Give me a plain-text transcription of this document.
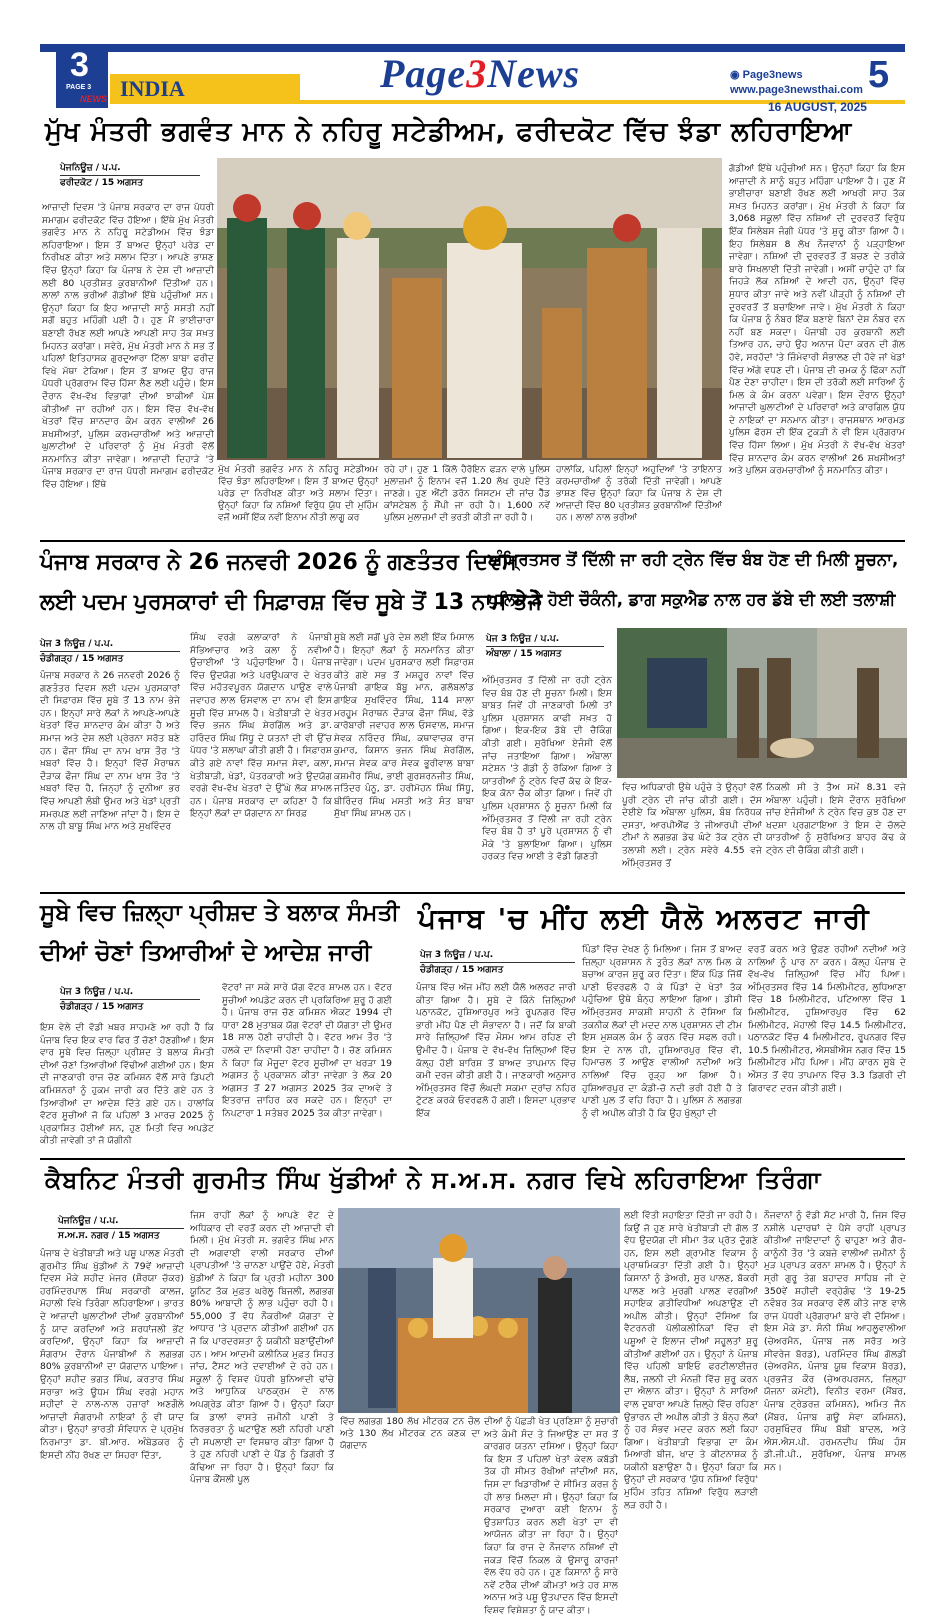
3
PAGE 3
NEWS INDIA	Page3News	◉ Page3news
www.page3newsthai.com 5
16 AUGUST, 2025
ਮੁੱਖ ਮੰਤਰੀ ਭਗਵੰਤ ਮਾਨ ਨੇ ਨਹਿਰੂ ਸਟੇਡੀਅਮ, ਫਰੀਦਕੋਟ ਵਿੱਚ ਝੰਡਾ ਲਹਿਰਾਇਆ
ਪੇਜਨਿਊਜ਼ / ਪ.ਪ.
ਫਰੀਦਕੋਟ / 15 ਅਗਸਤ
ਆਜ਼ਾਦੀ ਦਿਵਸ 'ਤੇ ਪੰਜਾਬ ਸਰਕਾਰ ਦਾ ਰਾਜ ਪੱਧਰੀ ਸਮਾਗਮ ਫਰੀਦਕੋਟ ਵਿੱਚ ਹੋਇਆ। ਇੱਥੇ ਮੁੱਖ ਮੰਤਰੀ ਭਗਵੰਤ ਮਾਨ ਨੇ ਨਹਿਰੂ ਸਟੇਡੀਅਮ ਵਿੱਚ ਝੰਡਾ ਲਹਿਰਾਇਆ। ਇਸ ਤੋਂ ਬਾਅਦ ਉਨ੍ਹਾਂ ਪਰੇਡ ਦਾ ਨਿਰੀਖਣ ਕੀਤਾ ਅਤੇ ਸਲਾਮ ਦਿੱਤਾ। ਆਪਣੇ ਭਾਸ਼ਣ ਵਿੱਚ ਉਨ੍ਹਾਂ ਕਿਹਾ ਕਿ ਪੰਜਾਬ ਨੇ ਦੇਸ਼ ਦੀ ਆਜ਼ਾਦੀ ਲਈ 80 ਪ੍ਰਤੀਸ਼ਤ ਕੁਰਬਾਨੀਆਂ ਦਿੱਤੀਆਂ ਹਨ। ਲਾਲਾਂ ਨਾਲ ਭਰੀਆਂ ਗੱਡੀਆਂ ਇੱਥੇ ਪਹੁੰਚੀਆਂ ਸਨ। ਉਨ੍ਹਾਂ ਕਿਹਾ ਕਿ ਇਹ ਆਜ਼ਾਦੀ ਸਾਨੂੰ ਸਸਤੀ ਨਹੀਂ ਸਗੋਂ ਬਹੁਤ ਮਹਿੰਗੀ ਪਈ ਹੈ। ਹੁਣ ਮੈਂ ਭਾਈਚਾਰਾ ਬਣਾਈ ਰੱਖਣ ਲਈ ਆਪਣੇ ਆਪਣੀ ਸਾਹ ਤੱਕ ਸਖ਼ਤ ਮਿਹਨਤ ਕਰਾਂਗਾ। ਸਵੇਰੇ, ਮੁੱਖ ਮੰਤਰੀ ਮਾਨ ਨੇ ਸਭ ਤੋਂ ਪਹਿਲਾਂ ਇਤਿਹਾਸਕ ਗੁਰਦੁਆਰਾ ਟਿੱਲਾ ਬਾਬਾ ਫਰੀਦ ਵਿਖੇ ਮੱਥਾ ਟੇਕਿਆ। ਇਸ ਤੋਂ ਬਾਅਦ ਉਹ ਰਾਜ ਪੱਧਰੀ ਪ੍ਰੋਗਰਾਮ ਵਿੱਚ ਹਿੱਸਾ ਲੈਣ ਲਈ ਪਹੁੰਚੇ। ਇਸ ਦੌਰਾਨ ਵੱਖ-ਵੱਖ ਵਿਭਾਗਾਂ ਦੀਆਂ ਝਾਕੀਆਂ ਪੇਸ਼ ਕੀਤੀਆਂ ਜਾ ਰਹੀਆਂ ਹਨ। ਇਸ ਵਿੱਚ ਵੱਖ-ਵੱਖ ਖੇਤਰਾਂ ਵਿੱਚ ਸ਼ਾਨਦਾਰ ਕੰਮ ਕਰਨ ਵਾਲੀਆਂ 26 ਸ਼ਖਸੀਅਤਾਂ, ਪੁਲਿਸ ਕਰਮਚਾਰੀਆਂ ਅਤੇ ਆਜ਼ਾਦੀ ਘੁਲਾਟੀਆਂ ਦੇ ਪਰਿਵਾਰਾਂ ਨੂੰ ਮੁੱਖ ਮੰਤਰੀ ਵੱਲੋਂ ਸਨਮਾਨਿਤ ਕੀਤਾ ਜਾਵੇਗਾ। ਆਜ਼ਾਦੀ ਦਿਹਾੜੇ 'ਤੇ ਪੰਜਾਬ ਸਰਕਾਰ ਦਾ ਰਾਜ ਪੱਧਰੀ ਸਮਾਗਮ ਫਰੀਦਕੋਟ ਵਿੱਚ ਹੋਇਆ। ਇੱਥੇ
ਮੁੱਖ ਮੰਤਰੀ ਭਗਵੰਤ ਮਾਨ ਨੇ ਨਹਿਰੂ ਸਟੇਡੀਅਮ ਵਿੱਚ ਝੰਡਾ ਲਹਿਰਾਇਆ। ਇਸ ਤੋਂ ਬਾਅਦ ਉਨ੍ਹਾਂ ਪਰੇਡ ਦਾ ਨਿਰੀਖਣ ਕੀਤਾ ਅਤੇ ਸਲਾਮ ਦਿੱਤਾ। ਉਨ੍ਹਾਂ ਕਿਹਾ ਕਿ ਨਸ਼ਿਆਂ ਵਿਰੁੱਧ ਯੁੱਧ ਦੀ ਮੁਹਿੰਮ ਵਜੋਂ ਅਸੀਂ ਇੱਕ ਨਵੀਂ ਇਨਾਮ ਨੀਤੀ ਲਾਗੂ ਕਰ
ਰਹੇ ਹਾਂ। ਹੁਣ 1 ਕਿੱਲੋ ਹੈਰੋਇਨ ਫੜਨ ਵਾਲੇ ਪੁਲਿਸ ਮੁਲਾਜ਼ਮਾਂ ਨੂੰ ਇਨਾਮ ਵਜੋਂ 1.20 ਲੱਖ ਰੁਪਏ ਦਿੱਤੇ ਜਾਣਗੇ। ਹੁਣ ਐਂਟੀ ਡਰੋਨ ਸਿਸਟਮ ਦੀ ਜਾਂਚ ਹੈੱਡ ਕਾਂਸਟੇਬਲ ਨੂੰ ਸੌਂਪੀ ਜਾ ਰਹੀ ਹੈ। 1,600 ਨਵੇਂ ਪੁਲਿਸ ਮੁਲਾਜ਼ਮਾਂ ਦੀ ਭਰਤੀ ਕੀਤੀ ਜਾ ਰਹੀ ਹੈ।
ਹਾਲਾਂਕਿ, ਪਹਿਲਾਂ ਇਨ੍ਹਾਂ ਅਹੁਦਿਆਂ 'ਤੇ ਤਾਇਨਾਤ ਕਰਮਚਾਰੀਆਂ ਨੂੰ ਤਰੱਕੀ ਦਿੱਤੀ ਜਾਵੇਗੀ। ਆਪਣੇ ਭਾਸ਼ਣ ਵਿੱਚ ਉਨ੍ਹਾਂ ਕਿਹਾ ਕਿ ਪੰਜਾਬ ਨੇ ਦੇਸ਼ ਦੀ ਆਜ਼ਾਦੀ ਵਿੱਚ 80 ਪ੍ਰਤੀਸ਼ਤ ਕੁਰਬਾਨੀਆਂ ਦਿੱਤੀਆਂ ਹਨ। ਲਾਲਾਂ ਨਾਲ ਭਰੀਆਂ
ਗੱਡੀਆਂ ਇੱਥੇ ਪਹੁੰਚੀਆਂ ਸਨ। ਉਨ੍ਹਾਂ ਕਿਹਾ ਕਿ ਇਸ ਆਜ਼ਾਦੀ ਨੇ ਸਾਨੂੰ ਬਹੁਤ ਮਹਿੰਗਾ ਪਾਇਆ ਹੈ। ਹੁਣ ਮੈਂ ਭਾਈਚਾਰਾ ਬਣਾਈ ਰੱਖਣ ਲਈ ਆਖਰੀ ਸਾਹ ਤੱਕ ਸਖ਼ਤ ਮਿਹਨਤ ਕਰਾਂਗਾ। ਮੁੱਖ ਮੰਤਰੀ ਨੇ ਕਿਹਾ ਕਿ 3,068 ਸਕੂਲਾਂ ਵਿੱਚ ਨਸ਼ਿਆਂ ਦੀ ਦੁਰਵਰਤੋਂ ਵਿਰੁੱਧ ਇੱਕ ਸਿਲੇਬਸ ਜੰਗੀ ਪੱਧਰ 'ਤੇ ਸ਼ੁਰੂ ਕੀਤਾ ਗਿਆ ਹੈ। ਇਹ ਸਿਲੇਬਸ 8 ਲੱਖ ਨੌਜਵਾਨਾਂ ਨੂੰ ਪੜ੍ਹਾਇਆ ਜਾਵੇਗਾ। ਨਸ਼ਿਆਂ ਦੀ ਦੁਰਵਰਤੋਂ ਤੋਂ ਬਚਣ ਦੇ ਤਰੀਕੇ ਬਾਰੇ ਸਿਖਲਾਈ ਦਿੱਤੀ ਜਾਵੇਗੀ। ਅਸੀਂ ਚਾਹੁੰਦੇ ਹਾਂ ਕਿ ਜਿਹੜੇ ਲੋਕ ਨਸ਼ਿਆਂ ਦੇ ਆਦੀ ਹਨ, ਉਨ੍ਹਾਂ ਵਿੱਚ ਸੁਧਾਰ ਕੀਤਾ ਜਾਵੇ ਅਤੇ ਨਵੀਂ ਪੀੜ੍ਹੀ ਨੂੰ ਨਸ਼ਿਆਂ ਦੀ ਦੁਰਵਰਤੋਂ ਤੋਂ ਬਚਾਇਆ ਜਾਵੇ। ਮੁੱਖ ਮੰਤਰੀ ਨੇ ਕਿਹਾ ਕਿ ਪੰਜਾਬ ਨੂੰ ਨੰਬਰ ਇੱਕ ਬਣਾਏ ਬਿਨਾਂ ਦੇਸ਼ ਨੰਬਰ ਵਨ ਨਹੀਂ ਬਣ ਸਕਦਾ। ਪੰਜਾਬੀ ਹਰ ਕੁਰਬਾਨੀ ਲਈ ਤਿਆਰ ਹਨ, ਚਾਹੇ ਉਹ ਅਨਾਜ ਪੈਦਾ ਕਰਨ ਦੀ ਗੱਲ ਹੋਵੇ, ਸਰਹੱਦਾਂ 'ਤੇ ਜ਼ਿੰਮੇਵਾਰੀ ਸੰਭਾਲਣ ਦੀ ਹੋਵੇ ਜਾਂ ਖੇਡਾਂ ਵਿੱਚ ਅੱਗੇ ਵਧਣ ਦੀ। ਪੰਜਾਬ ਦੀ ਚਮਕ ਨੂੰ ਫਿੱਕਾ ਨਹੀਂ ਪੈਣ ਦੇਣਾ ਚਾਹੀਦਾ। ਇਸ ਦੀ ਤਰੱਕੀ ਲਈ ਸਾਰਿਆਂ ਨੂੰ ਮਿਲ ਕੇ ਕੰਮ ਕਰਨਾ ਪਵੇਗਾ। ਇਸ ਦੌਰਾਨ ਉਨ੍ਹਾਂ ਆਜ਼ਾਦੀ ਘੁਲਾਟੀਆਂ ਦੇ ਪਰਿਵਾਰਾਂ ਅਤੇ ਕਾਰਗਿਲ ਯੁੱਧ ਦੇ ਨਾਇਕਾਂ ਦਾ ਸਨਮਾਨ ਕੀਤਾ। ਰਾਜਸਥਾਨ ਆਰਮਡ ਪੁਲਿਸ ਫੋਰਸ ਦੀ ਇੱਕ ਟੁਕੜੀ ਨੇ ਵੀ ਇਸ ਪ੍ਰੋਗਰਾਮ ਵਿੱਚ ਹਿੱਸਾ ਲਿਆ। ਮੁੱਖ ਮੰਤਰੀ ਨੇ ਵੱਖ-ਵੱਖ ਖੇਤਰਾਂ ਵਿੱਚ ਸ਼ਾਨਦਾਰ ਕੰਮ ਕਰਨ ਵਾਲੀਆਂ 26 ਸ਼ਖਸੀਅਤਾਂ ਅਤੇ ਪੁਲਿਸ ਕਰਮਚਾਰੀਆਂ ਨੂੰ ਸਨਮਾਨਿਤ ਕੀਤਾ।
ਪੰਜਾਬ ਸਰਕਾਰ ਨੇ 26 ਜਨਵਰੀ 2026 ਨੂੰ ਗਣਤੰਤਰ ਦਿਵਸ
ਲਈ ਪਦਮ ਪੁਰਸਕਾਰਾਂ ਦੀ ਸਿਫ਼ਾਰਸ਼ ਵਿੱਚ ਸੂਬੇ ਤੋਂ 13 ਨਾਮ ਭੇਜੇ
ਪੇਜ 3 ਨਿਊਜ਼ / ਪ.ਪ.
ਚੰਡੀਗੜ੍ਹ / 15 ਅਗਸਤ
ਪੰਜਾਬ ਸਰਕਾਰ ਨੇ 26 ਜਨਵਰੀ 2026 ਨੂੰ ਗਣਤੰਤਰ ਦਿਵਸ ਲਈ ਪਦਮ ਪੁਰਸਕਾਰਾਂ ਦੀ ਸਿਫ਼ਾਰਸ਼ ਵਿੱਚ ਸੂਬੇ ਤੋਂ 13 ਨਾਮ ਭੇਜੇ ਹਨ। ਇਨ੍ਹਾਂ ਸਾਰੇ ਲੋਕਾਂ ਨੇ ਆਪਣੇ-ਆਪਣੇ ਖੇਤਰਾਂ ਵਿੱਚ ਸ਼ਾਨਦਾਰ ਕੰਮ ਕੀਤਾ ਹੈ ਅਤੇ ਸਮਾਜ ਅਤੇ ਦੇਸ਼ ਲਈ ਪ੍ਰੇਰਨਾ ਸਰੋਤ ਬਣੇ ਹਨ। ਫੌਜਾ ਸਿੰਘ ਦਾ ਨਾਮ ਖਾਸ ਤੌਰ 'ਤੇ ਖ਼ਬਰਾਂ ਵਿੱਚ ਹੈ। ਇਨ੍ਹਾਂ ਵਿੱਚੋਂ ਮੈਰਾਥਨ ਦੌੜਾਕ ਫੌਜਾ ਸਿੰਘ ਦਾ ਨਾਮ ਖਾਸ ਤੌਰ 'ਤੇ ਖ਼ਬਰਾਂ ਵਿੱਚ ਹੈ, ਜਿਨ੍ਹਾਂ ਨੂੰ ਦੁਨੀਆ ਭਰ ਵਿੱਚ ਆਪਣੀ ਲੰਬੀ ਉਮਰ ਅਤੇ ਖੇਡਾਂ ਪ੍ਰਤੀ ਸਮਰਪਣ ਲਈ ਜਾਣਿਆ ਜਾਂਦਾ ਹੈ। ਇਸ ਦੇ ਨਾਲ ਹੀ ਬਾਬੂ ਸਿੰਘ ਮਾਨ ਅਤੇ ਸੁਖਵਿੰਦਰ
ਸਿੰਘ ਵਰਗੇ ਕਲਾਕਾਰਾਂ ਨੇ ਪੰਜਾਬੀ ਸੱਭਿਆਚਾਰ ਅਤੇ ਕਲਾ ਨੂੰ ਨਵੀਆਂ ਉਚਾਈਆਂ 'ਤੇ ਪਹੁੰਚਾਇਆ ਹੈ। ਪੰਜਾਬ ਵਿੱਚ ਉਦਯੋਗ ਅਤੇ ਪਰਉਪਕਾਰ ਦੇ ਖੇਤਰ ਵਿੱਚ ਮਹੱਤਵਪੂਰਨ ਯੋਗਦਾਨ ਪਾਉਣ ਵਾਲੇ ਜਵਾਹਰ ਲਾਲ ਓਸਵਾਲ ਦਾ ਨਾਮ ਵੀ ਇਸ ਸੂਚੀ ਵਿੱਚ ਸ਼ਾਮਲ ਹੈ। ਖੇਤੀਬਾੜੀ ਦੇ ਖੇਤਰ ਵਿੱਚ ਭਜਨ ਸਿੰਘ ਸ਼ੇਰਗਿੱਲ ਅਤੇ ਡਾ. ਹਰਿੰਦਰ ਸਿੰਘ ਸਿੱਧੂ ਦੇ ਯਤਨਾਂ ਦੀ ਵੀ ਉੱਚ ਪੱਧਰ 'ਤੇ ਸ਼ਲਾਘਾ ਕੀਤੀ ਗਈ ਹੈ। ਸਿਫ਼ਾਰਸ਼ ਕੀਤੇ ਗਏ ਨਾਵਾਂ ਵਿੱਚ ਸਮਾਜ ਸੇਵਾ, ਕਲਾ, ਖੇਤੀਬਾੜੀ, ਖੇਡਾਂ, ਪੱਤਰਕਾਰੀ ਅਤੇ ਉਦਯੋਗ ਵਰਗੇ ਵੱਖ-ਵੱਖ ਖੇਤਰਾਂ ਦੇ ਉੱਘੇ ਲੋਕ ਸ਼ਾਮਲ ਹਨ। ਪੰਜਾਬ ਸਰਕਾਰ ਦਾ ਕਹਿਣਾ ਹੈ ਕਿ ਇਨ੍ਹਾਂ ਲੋਕਾਂ ਦਾ ਯੋਗਦਾਨ ਨਾ ਸਿਰਫ਼
ਸੂਬੇ ਲਈ ਸਗੋਂ ਪੂਰੇ ਦੇਸ਼ ਲਈ ਇੱਕ ਮਿਸਾਲ ਹੈ। ਇਨ੍ਹਾਂ ਲੋਕਾਂ ਨੂੰ ਸਨਮਾਨਿਤ ਕੀਤਾ ਜਾਵੇਗਾ। ਪਦਮ ਪੁਰਸਕਾਰ ਲਈ ਸਿਫ਼ਾਰਸ਼ ਕੀਤੇ ਗਏ ਸਭ ਤੋਂ ਮਸ਼ਹੂਰ ਨਾਵਾਂ ਵਿੱਚ ਪੰਜਾਬੀ ਗਾਇਕ ਬੱਬੂ ਮਾਨ, ਗਲੋਬਲਾਂਡ ਗਾਇਕ ਸੁਖਵਿੰਦਰ ਸਿੰਘ, 114 ਸਾਲਾ ਮਰਹੂਮ ਮੈਰਾਥਨ ਦੌੜਾਕ ਫੌਜਾ ਸਿੰਘ, ਵੱਡੇ ਕਾਰੋਬਾਰੀ ਜਵਾਹਰ ਲਾਲ ਓਸਵਾਲ, ਸਮਾਜ ਸੇਵਕ ਨਰਿੰਦਰ ਸਿੰਘ, ਕਥਾਵਾਚਕ ਰਾਜ ਕੁਮਾਰ, ਕਿਸਾਨ ਭਜਨ ਸਿੰਘ ਸ਼ੇਰਗਿੱਲ, ਸਮਾਜ ਸੇਵਕ ਕਾਰ ਸੇਵਕ ਭੂਰੀਵਾਲ ਬਾਬਾ ਕਸ਼ਮੀਰ ਸਿੰਘ, ਭਾਈ ਗੁਰਸ਼ਰਨਜੀਤ ਸਿੰਘ, ਜਤਿੰਦਰ ਪੰਨੂ, ਡਾ. ਹਰੀਮੋਹਨ ਸਿੰਘ ਸਿੱਧੂ, ਬੀਰਿੰਦਰ ਸਿੰਘ ਮਸਤੀ ਅਤੇ ਸੰਤ ਬਾਬਾ ਸੁੱਖਾ ਸਿੰਘ ਸ਼ਾਮਲ ਹਨ।
ਅੰਮ੍ਰਿਤਸਰ ਤੋਂ ਦਿੱਲੀ ਜਾ ਰਹੀ ਟ੍ਰੇਨ ਵਿੱਚ ਬੰਬ ਹੋਣ ਦੀ ਮਿਲੀ ਸੂਚਨਾ,
ਪੁਲਿਸ ਨੇ ਹੋਈ ਚੌਕੰਨੀ, ਡਾਗ ਸਕੁਐਡ ਨਾਲ ਹਰ ਡੱਬੇ ਦੀ ਲਈ ਤਲਾਸ਼ੀ
ਪੇਜ 3 ਨਿਊਜ਼ / ਪ.ਪ.
ਅੰਬਾਲਾ / 15 ਅਗਸਤ
ਅੰਮ੍ਰਿਤਸਰ ਤੋਂ ਦਿੱਲੀ ਜਾ ਰਹੀ ਟ੍ਰੇਨ ਵਿਚ ਬੰਬ ਹੋਣ ਦੀ ਸੂਚਨਾ ਮਿਲੀ। ਇਸ ਬਾਬਤ ਜਿਵੇਂ ਹੀ ਜਾਣਕਾਰੀ ਮਿਲੀ ਤਾਂ ਪੁਲਿਸ ਪ੍ਰਸ਼ਾਸਨ ਕਾਫੀ ਸਖ਼ਤ ਹੋ ਗਿਆ। ਇਕ-ਇਕ ਡੱਬੇ ਦੀ ਚੈਕਿੰਗ ਕੀਤੀ ਗਈ। ਸੁਰੱਖਿਆ ਏਜੰਸੀ ਵੱਲੋਂ ਜਾਂਚ ਜਤਾਇਆ ਗਿਆ। ਅੰਬਾਲਾ ਸਟੇਸ਼ਨ 'ਤੇ ਗੱਡੀ ਨੂੰ ਰੋਕਿਆ ਗਿਆ ਤੇ ਯਾਤਰੀਆਂ ਨੂੰ ਟ੍ਰੇਨ ਵਿਚੋਂ ਕੱਢ ਕੇ ਇਕ-ਇਕ ਕੋਨਾ ਚੈੱਕ ਕੀਤਾ ਗਿਆ। ਜਿਵੇਂ ਹੀ ਪੁਲਿਸ ਪ੍ਰਸ਼ਾਸਨ ਨੂੰ ਸੂਚਨਾ ਮਿਲੀ ਕਿ ਅੰਮ੍ਰਿਤਸਰ ਤੋਂ ਦਿੱਲੀ ਜਾ ਰਹੀ ਟ੍ਰੇਨ ਵਿਚ ਬੰਬ ਹੈ ਤਾਂ ਪੂਰੇ ਪ੍ਰਸ਼ਾਸਨ ਨੂੰ ਵੀ ਮੌਕੇ 'ਤੇ ਬੁਲਾਇਆ ਗਿਆ। ਪੁਲਿਸ ਹਰਕਤ ਵਿਚ ਆਈ ਤੇ ਵੱਡੀ ਗਿਣਤੀ
ਵਿਚ ਅਧਿਕਾਰੀ ਉਥੇ ਪਹੁੰਚੇ ਤੇ ਉਨ੍ਹਾਂ ਵੱਲੋਂ ਪੂਰੀ ਟ੍ਰੇਨ ਦੀ ਜਾਂਚ ਕੀਤੀ ਗਈ। ਦੱਸ ਦੇਈਏ ਕਿ ਅੰਬਾਲਾ ਪੁਲਿਸ, ਬੰਬ ਨਿਰੋਧਕ ਦਸਤਾ, ਆਰਪੀਐੱਫ ਤੇ ਜੀਆਰਪੀ ਦੀਆਂ ਟੀਮਾਂ ਨੇ ਲਗਭਗ ਡੇਢ ਘੰਟੇ ਤੱਕ ਟ੍ਰੇਨ ਦੀ ਤਲਾਸ਼ੀ ਲਈ। ਟ੍ਰੇਨ ਸਵੇਰੇ 4.55 ਵਜੇ ਅੰਮ੍ਰਿਤਸਰ ਤੋਂ
ਨਿਕਲੀ ਸੀ ਤੇ ਤੈਅ ਸਮੇਂ 8.31 ਵਜੇ ਅੰਬਾਲਾ ਪਹੁੰਚੀ। ਇਸੇ ਦੌਰਾਨ ਸੁਰੱਖਿਆ ਜਾਂਚ ਏਜੰਸੀਆਂ ਨੇ ਟ੍ਰੇਨ ਵਿਚ ਕੁਝ ਹੋਣ ਦਾ ਖਦਸ਼ਾ ਪ੍ਰਗਟਾਇਆ ਤੇ ਇਸ ਦੇ ਚੱਲਦੇ ਯਾਤਰੀਆਂ ਨੂੰ ਸੁਰੱਖਿਅਤ ਬਾਹਰ ਕੱਢ ਕੇ ਟ੍ਰੇਨ ਦੀ ਚੈਕਿੰਗ ਕੀਤੀ ਗਈ।
ਸੂਬੇ ਵਿਚ ਜ਼ਿਲ੍ਹਾ ਪ੍ਰੀਸ਼ਦ ਤੇ ਬਲਾਕ ਸੰਮਤੀ
ਦੀਆਂ ਚੋਣਾਂ ਤਿਆਰੀਆਂ ਦੇ ਆਦੇਸ਼ ਜਾਰੀ
ਪੇਜ 3 ਨਿਊਜ਼ / ਪ.ਪ.
ਚੰਡੀਗੜ੍ਹ / 15 ਅਗਸਤ
ਇਸ ਵੇਲੇ ਦੀ ਵੱਡੀ ਖ਼ਬਰ ਸਾਹਮਣੇ ਆ ਰਹੀ ਹੈ ਕਿ ਪੰਜਾਬ ਵਿਚ ਇਕ ਵਾਰ ਫਿਰ ਤੋਂ ਚੋਣਾਂ ਹੋਣਗੀਆਂ। ਇਸ ਵਾਰ ਸੂਬੇ ਵਿਚ ਜ਼ਿਲ੍ਹਾ ਪ੍ਰੀਸ਼ਦ ਤੇ ਬਲਾਕ ਸੰਮਤੀ ਦੀਆਂ ਚੋਣਾਂ ਤਿਆਰੀਆਂ ਵਿੱਢੀਆਂ ਗਈਆਂ ਹਨ। ਇਸ ਦੀ ਜਾਣਕਾਰੀ ਰਾਜ ਚੋਣ ਕਮਿਸ਼ਨ ਵੱਲੋਂ ਸਾਰੇ ਡਿਪਟੀ ਕਮਿਸ਼ਨਰਾਂ ਨੂੰ ਹੁਕਮ ਜਾਰੀ ਕਰ ਦਿੱਤੇ ਗਏ ਹਨ ਤੇ ਤਿਆਰੀਆਂ ਦਾ ਆਦੇਸ਼ ਦਿੱਤੇ ਗਏ ਹਨ। ਹਾਲਾਂਕਿ ਵੋਟਰ ਸੂਚੀਆਂ ਜੋ ਕਿ ਪਹਿਲਾਂ 3 ਮਾਰਚ 2025 ਨੂੰ ਪ੍ਰਕਾਸ਼ਿਤ ਹੋਈਆਂ ਸਨ, ਹੁਣ ਮਿਤੀ ਵਿਚ ਅਪਡੇਟ ਕੀਤੀ ਜਾਵੇਗੀ ਤਾਂ ਜੋ ਯੋਗੀਨੀ
ਵੋਟਰਾਂ ਜਾ ਸਕੇ ਸਾਰੇ ਯੋਗ ਵੋਟਰ ਸ਼ਾਮਲ ਹਨ। ਵੋਟਰ ਸੂਚੀਆਂ ਅਪਡੇਟ ਕਰਨ ਦੀ ਪ੍ਰਕਿਰਿਆ ਸ਼ੁਰੂ ਹੋ ਗਈ ਹੈ। ਪੰਜਾਬ ਰਾਜ ਚੋਣ ਕਮਿਸ਼ਨ ਐਕਟ 1994 ਦੀ ਧਾਰਾ 28 ਮੁਤਾਬਕ ਯੋਗ ਵੋਟਰਾਂ ਦੀ ਯੋਗਤਾ ਦੀ ਉਮਰ 18 ਸਾਲ ਹੋਣੀ ਚਾਹੀਦੀ ਹੈ। ਵੋਟਰ ਆਮ ਤੌਰ 'ਤੇ ਹਲਕੇ ਦਾ ਨਿਵਾਸੀ ਹੋਣਾ ਚਾਹੀਦਾ ਹੈ। ਚੋਣ ਕਮਿਸ਼ਨ ਨੇ ਕਿਹਾ ਕਿ ਮੌਜੂਦਾ ਵੋਟਰ ਸੂਚੀਆਂ ਦਾ ਖਰੜਾ 19 ਅਗਸਤ ਨੂੰ ਪ੍ਰਕਾਸ਼ਨ ਕੀਤਾ ਜਾਵੇਗਾ ਤੇ ਲੋਕ 20 ਅਗਸਤ ਤੋਂ 27 ਅਗਸਤ 2025 ਤੱਕ ਦਾਅਵੇ ਤੇ ਇਤਰਾਜ਼ ਜ਼ਾਹਿਰ ਕਰ ਸਕਦੇ ਹਨ। ਇਨ੍ਹਾਂ ਦਾ ਨਿਪਟਾਰਾ 1 ਸਤੰਬਰ 2025 ਤੱਕ ਕੀਤਾ ਜਾਵੇਗਾ।
ਪੰਜਾਬ 'ਚ ਮੀਂਹ ਲਈ ਯੈਲੋ ਅਲਰਟ ਜਾਰੀ
ਪੇਜ 3 ਨਿਊਜ਼ / ਪ.ਪ.
ਚੰਡੀਗੜ੍ਹ / 15 ਅਗਸਤ
ਪੰਜਾਬ ਵਿੱਚ ਅੱਜ ਮੀਂਹ ਲਈ ਯੈਲੋ ਅਲਰਟ ਜਾਰੀ ਕੀਤਾ ਗਿਆ ਹੈ। ਸੂਬੇ ਦੇ ਕਿੰਨੇ ਜ਼ਿਲ੍ਹਿਆਂ ਪਠਾਨਕੋਟ, ਹੁਸ਼ਿਆਰਪੁਰ ਅਤੇ ਰੂਪਨਗਰ ਵਿੱਚ ਭਾਰੀ ਮੀਂਹ ਪੈਣ ਦੀ ਸੰਭਾਵਨਾ ਹੈ। ਜਦੋਂ ਕਿ ਬਾਕੀ ਸਾਰੇ ਜ਼ਿਲ੍ਹਿਆਂ ਵਿੱਚ ਮੌਸਮ ਆਮ ਰਹਿਣ ਦੀ ਉਮੀਦ ਹੈ। ਪੰਜਾਬ ਦੇ ਵੱਖ-ਵੱਖ ਜ਼ਿਲ੍ਹਿਆਂ ਵਿੱਚ ਕੱਲ੍ਹ ਹੋਈ ਬਾਰਿਸ਼ ਤੋਂ ਬਾਅਦ ਤਾਪਮਾਨ ਵਿੱਚ ਕਮੀ ਦਰਜ ਕੀਤੀ ਗਈ ਹੈ। ਜਾਣਕਾਰੀ ਅਨੁਸਾਰ ਅੰਮ੍ਰਿਤਸਰ ਵਿੱਚੋਂ ਲੰਘਦੀ ਸਕਮਾ ਦ੍ਰਾਂਚ ਨਹਿਰ ਟੁੱਟਣ ਕਰਕੇ ਓਵਰਫਲੋ ਹੋ ਗਈ। ਇਸਦਾ ਪ੍ਰਭਾਵ ਇੱਕ
ਪਿੰਡਾਂ ਵਿੱਚ ਦੇਖਣ ਨੂੰ ਮਿਲਿਆ। ਜਿਸ ਤੋਂ ਬਾਅਦ ਜ਼ਿਲ੍ਹਾ ਪ੍ਰਸ਼ਾਸਨ ਨੇ ਤੁਰੰਤ ਲੋਕਾਂ ਨਾਲ ਮਿਲ ਕੇ ਬਚਾਅ ਕਾਰਜ ਸ਼ੁਰੂ ਕਰ ਦਿੱਤਾ। ਇੱਕ ਪਿੰਡ ਜਿੱਥੋਂ ਪਾਣੀ ਓਵਰਫਲੋ ਹੋ ਕੇ ਪਿੰਡਾਂ ਦੇ ਖੇਤਾਂ ਤੱਕ ਪਹੁੰਚਿਆ ਉਥੇ ਬੰਨ੍ਹ ਲਾਇਆ ਗਿਆ। ਡੀਸੀ ਅੰਮ੍ਰਿਤਸਰ ਸਾਕਸ਼ੀ ਸਾਹਨੀ ਨੇ ਦੱਸਿਆ ਕਿ ਤਕਨੀਕ ਲੋਕਾਂ ਦੀ ਮਦਦ ਨਾਲ ਪ੍ਰਸ਼ਾਸਨ ਦੀ ਟੀਮ ਇਸ ਮੁਸ਼ਕਲ ਕੰਮ ਨੂੰ ਕਰਨ ਵਿੱਚ ਸਫਲ ਰਹੀ। ਇਸ ਦੇ ਨਾਲ ਹੀ, ਹੁਸ਼ਿਆਰਪੁਰ ਵਿੱਚ ਵੀ, ਹਿਮਾਚਲ ਤੋਂ ਆਉਣ ਵਾਲੀਆਂ ਨਦੀਆਂ ਅਤੇ ਨਾਲਿਆਂ ਵਿੱਚ ਰੁੜ੍ਹ ਆ ਗਿਆ ਹੈ। ਹੁਸ਼ਿਆਰਪੁਰ ਦਾ ਕੰਡੀ-ਚੋ ਨਦੀ ਭਰੀ ਹੋਈ ਹੈ ਤੇ ਪਾਣੀ ਪੁਲ ਤੋਂ ਵਹਿ ਰਿਹਾ ਹੈ। ਪੁਲਿਸ ਨੇ ਲਗਭਗ ਨੂੰ ਵੀ ਅਪੀਲ ਕੀਤੀ ਹੈ ਕਿ ਉਹ ਖੁੱਲ੍ਹਾਂ ਦੀ
ਵਰਤੋਂ ਕਰਨ ਅਤੇ ਉਫ਼ਣ ਰਹੀਆਂ ਨਦੀਆਂ ਅਤੇ ਨਾਲਿਆਂ ਨੂੰ ਪਾਰ ਨਾ ਕਰਨ। ਕੱਲ੍ਹ ਪੰਜਾਬ ਦੇ ਵੱਖ-ਵੱਖ ਜ਼ਿਲ੍ਹਿਆਂ ਵਿੱਚ ਮੀਂਹ ਪਿਆ। ਅੰਮ੍ਰਿਤਸਰ ਵਿੱਚ 14 ਮਿਲੀਮੀਟਰ, ਲੁਧਿਆਣਾ ਵਿੱਚ 18 ਮਿਲੀਮੀਟਰ, ਪਟਿਆਲਾ ਵਿੱਚ 1 ਮਿਲੀਮੀਟਰ, ਹੁਸ਼ਿਆਰਪੁਰ ਵਿੱਚ 62 ਮਿਲੀਮੀਟਰ, ਮੋਹਾਲੀ ਵਿੱਚ 14.5 ਮਿਲੀਮੀਟਰ, ਪਠਾਨਕੋਟ ਵਿੱਚ 4 ਮਿਲੀਮੀਟਰ, ਰੂਪਨਗਰ ਵਿੱਚ 10.5 ਮਿਲੀਮੀਟਰ, ਐਸਬੀਐਸ ਨਗਰ ਵਿੱਚ 15 ਮਿਲੀਮੀਟਰ ਮੀਂਹ ਪਿਆ। ਮੀਂਹ ਕਾਰਨ ਸੂਬੇ ਦੇ ਔਸਤ ਤੋਂ ਵੱਧ ਤਾਪਮਾਨ ਵਿੱਚ 3.3 ਡਿਗਰੀ ਦੀ ਗਿਰਾਵਟ ਦਰਜ ਕੀਤੀ ਗਈ।
ਕੈਬਨਿਟ ਮੰਤਰੀ ਗੁਰਮੀਤ ਸਿੰਘ ਖੁੱਡੀਆਂ ਨੇ ਸ.ਅ.ਸ. ਨਗਰ ਵਿਖੇ ਲਹਿਰਾਇਆ ਤਿਰੰਗਾ
ਪੇਜਨਿਊਜ਼ / ਪ.ਪ.
ਸ.ਅ.ਸ. ਨਗਰ / 15 ਅਗਸਤ
ਪੰਜਾਬ ਦੇ ਖੇਤੀਬਾੜੀ ਅਤੇ ਪਸ਼ੂ ਪਾਲਣ ਮੰਤਰੀ ਗੁਰਮੀਤ ਸਿੰਘ ਖੁੱਡੀਆਂ ਨੇ 79ਵੇਂ ਆਜ਼ਾਦੀ ਦਿਵਸ ਮੌਕੇ ਸ਼ਹੀਦ ਮੇਜਰ (ਸ਼ੌਰਯਾ ਚੱਕਰ) ਹਰਮਿੰਦਰਪਾਲ ਸਿੰਘ ਸਰਕਾਰੀ ਕਾਲਜ, ਮੋਹਾਲੀ ਵਿਖੇ ਤਿਰੰਗਾ ਲਹਿਰਾਇਆ। ਭਾਰਤ ਦੇ ਆਜ਼ਾਦੀ ਘੁਲਾਟੀਆਂ ਦੀਆਂ ਕੁਰਬਾਨੀਆਂ ਨੂੰ ਯਾਦ ਕਰਦਿਆਂ ਅਤੇ ਸ਼ਰਧਾਂਜਲੀ ਭੇਂਟ ਕਰਦਿਆਂ, ਉਨ੍ਹਾਂ ਕਿਹਾ ਕਿ ਆਜ਼ਾਦੀ ਸੰਗਰਾਮ ਦੌਰਾਨ ਪੰਜਾਬੀਆਂ ਨੇ ਲਗਭਗ 80% ਕੁਰਬਾਨੀਆਂ ਦਾ ਯੋਗਦਾਨ ਪਾਇਆ। ਉਨ੍ਹਾਂ ਸ਼ਹੀਦ ਭਗਤ ਸਿੰਘ, ਕਰਤਾਰ ਸਿੰਘ ਸਰਾਭਾ ਅਤੇ ਊਧਮ ਸਿੰਘ ਵਰਗੇ ਮਹਾਨ ਸ਼ਹੀਦਾਂ ਦੇ ਨਾਲ-ਨਾਲ ਹਜ਼ਾਰਾਂ ਅਣਗੌਲੇ ਆਜ਼ਾਦੀ ਸੰਗਰਾਮੀ ਨਾਇਕਾਂ ਨੂੰ ਵੀ ਯਾਦ ਕੀਤਾ। ਉਨ੍ਹਾਂ ਭਾਰਤੀ ਸੰਵਿਧਾਨ ਦੇ ਪ੍ਰਮੁੱਖ ਨਿਰਮਾਤਾ ਡਾ. ਬੀ.ਆਰ. ਅੰਬੇਡਕਰ ਨੂੰ ਇਸਦੀ ਨੀਂਹ ਰੱਖਣ ਦਾ ਸਿਹਰਾ ਦਿੱਤਾ,
ਜਿਸ ਰਾਹੀਂ ਲੋਕਾਂ ਨੂੰ ਆਪਣੇ ਵੋਟ ਦੇ ਅਧਿਕਾਰ ਦੀ ਵਰਤੋਂ ਕਰਨ ਦੀ ਆਜ਼ਾਦੀ ਵੀ ਮਿਲੀ। ਮੁੱਖ ਮੰਤਰੀ ਸ. ਭਗਵੰਤ ਸਿੰਘ ਮਾਨ ਦੀ ਅਗਵਾਈ ਵਾਲੀ ਸਰਕਾਰ ਦੀਆਂ ਪ੍ਰਾਪਤੀਆਂ 'ਤੇ ਚਾਨਣਾ ਪਾਉਂਦੇ ਹੋਏ, ਮੰਤਰੀ ਖੁੱਡੀਆਂ ਨੇ ਕਿਹਾ ਕਿ ਪ੍ਰਤੀ ਮਹੀਨਾ 300 ਯੂਨਿਟ ਤੱਕ ਮੁਫ਼ਤ ਘਰੇਲੂ ਬਿਜਲੀ, ਲਗਭਗ 80% ਆਬਾਦੀ ਨੂੰ ਲਾਭ ਪਹੁੰਚਾ ਰਹੀ ਹੈ। 55,000 ਤੋਂ ਵੱਧ ਨੌਕਰੀਆਂ ਯੋਗਤਾ ਦੇ ਆਧਾਰ 'ਤੇ ਪ੍ਰਦਾਨ ਕੀਤੀਆਂ ਗਈਆਂ ਹਨ ਜੋ ਕਿ ਪਾਰਦਰਸ਼ਤਾ ਨੂੰ ਯਕੀਨੀ ਬਣਾਉਂਦੀਆਂ ਹਨ। ਆਮ ਆਦਮੀ ਕਲੀਨਿਕ ਮੁਫ਼ਤ ਸਿਹਤ ਜਾਂਚ, ਟੈਸਟ ਅਤੇ ਦਵਾਈਆਂ ਦੇ ਰਹੇ ਹਨ। ਸਕੂਲਾਂ ਨੂੰ ਵਿਸ਼ਵ ਪੱਧਰੀ ਬੁਨਿਆਦੀ ਢਾਂਚੇ ਅਤੇ ਆਧੁਨਿਕ ਪਾਠਕ੍ਰਮ ਦੇ ਨਾਲ ਅਪਗ੍ਰੇਡ ਕੀਤਾ ਗਿਆ ਹੈ। ਉਨ੍ਹਾਂ ਕਿਹਾ ਕਿ ਡਾਲਾਂ ਵਾਸਤੇ ਜ਼ਮੀਨੀ ਪਾਣੀ ਤੇ ਨਿਰਭਰਤਾ ਨੂੰ ਘਟਾਉਣ ਲਈ ਨਹਿਰੀ ਪਾਣੀ ਦੀ ਸਪਲਾਈ ਦਾ ਵਿਸਥਾਰ ਕੀਤਾ ਗਿਆ ਹੈ ਤੇ ਹੁਣ ਨਹਿਰੀ ਪਾਣੀ ਦੇ ਪੈਂਡ ਨੂੰ ਡਿਗਰੀ ਤੋਂ ਕੱਢਿਆ ਜਾ ਰਿਹਾ ਹੈ। ਉਨ੍ਹਾਂ ਕਿਹਾ ਕਿ ਪੰਜਾਬ ਕੌਂਸਲੀ ਪੂਲ
ਵਿੱਚ ਲਗਭਗ 180 ਲੱਖ ਮੀਟਰਕ ਟਨ ਚੌਲ ਅਤੇ 130 ਲੱਖ ਮੀਟਰਕ ਟਨ ਕਣਕ ਦਾ ਯੋਗਦਾਨ
ਦੀਆਂ ਨੂੰ ਪੱਛੜੀ ਖੇਤ ਪ੍ਰਣਿਸ਼ਾ ਨੂੰ ਸੁਚਾਰੀ ਅਤੇ ਕੰਮੀ ਸੰਦ ਤੇ ਜਿਆਉਣ ਦਾ ਸਰ ਤੋਂ ਕਾਰਗਰ ਯਤਨਾ ਦਸਿਆ। ਉਨ੍ਹਾਂ ਕਿਹਾ ਕਿ ਇਸ ਤੋਂ ਪਹਿਲਾਂ ਖੇਤਾਂ ਕੇਵਲ ਕਬੱਡੀ ਤੱਕ ਹੀ ਸੀਮਤ ਰੱਖੀਆਂ ਜਾਂਦੀਆਂ ਸਨ, ਜਿਸ ਦਾ ਖਿਡਾਰੀਆਂ ਦੇ ਸੀਮਿਤ ਕਰਜ਼ ਨੂੰ ਹੀ ਲਾਭ ਮਿਲਦਾ ਸੀ। ਉਨ੍ਹਾਂ ਕਿਹਾ ਕਿ ਸਰਕਾਰ ਦੁਆਰਾ ਕਈ ਇਨਾਮ ਨੂੰ ਉਤਸ਼ਾਹਿਤ ਕਰਨ ਲਈ ਖੇਤਾਂ ਦਾ ਵੀ ਆਯੋਜਨ ਕੀਤਾ ਜਾ ਰਿਹਾ ਹੈ। ਉਨ੍ਹਾਂ ਕਿਹਾ ਕਿ ਰਾਜ ਦੇ ਨੌਜਵਾਨ ਨਸ਼ਿਆਂ ਦੀ ਜਕੜ ਵਿੱਚੋਂ ਨਿਕਲ ਕੇ ਉਸਾਰੂ ਕਾਰਜਾਂ ਵੱਲ ਵੱਧ ਰਹੇ ਹਨ। ਹੁਣ ਕਿਸਾਨਾਂ ਨੂੰ ਸਾਰੇ ਨਵੇਂ ਟਰੈਕ ਦੀਆਂ ਕੀਮਤਾਂ ਅਤੇ ਹਰ ਸਾਲ ਅਨਾਜ ਅਤੇ ਪਸ਼ੂ ਉਤਪਾਦਨ ਵਿੱਚ ਇਸਦੀ ਵਿਸ਼ਵ ਵਿਸ਼ੇਸ਼ਤਾ ਨੂੰ ਯਾਦ ਕੀਤਾ।
ਲਈ ਵਿੱਤੀ ਸਹਾਇਤਾ ਦਿੱਤੀ ਜਾ ਰਹੀ ਹੈ। ਕਿਉਂ ਜੋ ਹੁਣ ਸਾਰੇ ਖੇਤੀਬਾੜੀ ਦੀ ਗੱਲ ਤੋਂ ਵੱਧ ਉਦਯੋਗ ਦੀ ਸੀਮਾ ਤੱਕ ਪ੍ਰੋਤ ਦੁੱਗਣੇ ਹਨ, ਇਸ ਲਈ ਗ੍ਰਾਮੀਣ ਵਿਕਾਸ ਨੂੰ ਪ੍ਰਾਥਮਿਕਤਾ ਦਿੱਤੀ ਗਈ ਹੈ। ਉਨ੍ਹਾਂ ਕਿਸਾਨਾਂ ਨੂੰ ਡੇਅਰੀ, ਸੂਰ ਪਾਲਣ, ਬੱਕਰੀ ਪਾਲਣ ਅਤੇ ਮੁਰਗੀ ਪਾਲਣ ਵਰਗੀਆਂ ਸਹਾਇਕ ਗਤੀਵਿਧੀਆਂ ਅਪਣਾਉਣ ਦੀ ਅਪੀਲ ਕੀਤੀ। ਉਨ੍ਹਾਂ ਦੱਸਿਆ ਕਿ ਵੈਟਰਨਰੀ ਪੋਲੀਕਲੀਨਿਕਾਂ ਵਿੱਚ ਵੀ ਪਸ਼ੂਆਂ ਦੇ ਇਲਾਜ ਦੀਆਂ ਸਹੂਲਤਾਂ ਸ਼ੁਰੂ ਕੀਤੀਆਂ ਗਈਆਂ ਹਨ। ਉਨ੍ਹਾਂ ਨੇ ਪੰਜਾਬ ਵਿੱਚ ਪਹਿਲੀ ਬਾਇਓ ਫਰਟੀਲਾਈਜ਼ਰ ਲੈਬ, ਜਲਨੀ ਦੀ ਮੰਨਜ਼ੀ ਵਿੱਚ ਸ਼ੁਰੂ ਕਰਨ ਦਾ ਐਲਾਨ ਕੀਤਾ। ਉਨ੍ਹਾਂ ਨੇ ਸਾਰਿਆਂ ਵਾਲ ਦੁਬਾਰਾ ਆਪਣੇ ਜ਼ਿਲ੍ਹੇ ਵਿੱਚ ਰਹਿਣਾ ਉਭਾਰਨ ਦੀ ਅਪੀਲ ਕੀਤੀ ਤੇ ਬੰਨ੍ਹ ਲੋਕਾਂ ਨੂੰ ਹਰ ਸੰਭਵ ਮਦਦ ਕਰਨ ਲਈ ਕਿਹਾ ਗਿਆ। ਖੇਤੀਬਾੜੀ ਵਿਭਾਗ ਦਾ ਕੰਮ ਮਿਆਰੀ ਬੀਜ, ਖਾਦ ਤੇ ਕੀਟਨਾਸ਼ਕ ਨੂੰ ਯਕੀਨੀ ਬਣਾਉਣਾ ਹੈ। ਉਨ੍ਹਾਂ ਕਿਹਾ ਕਿ ਉਨ੍ਹਾਂ ਦੀ ਸਰਕਾਰ 'ਯੁੱਧ ਨਸ਼ਿਆਂ ਵਿਰੁੱਧ' ਮੁਹਿੰਮ ਤਹਿਤ ਨਸ਼ਿਆਂ ਵਿਰੁੱਧ ਲੜਾਈ ਲੜ ਰਹੀ ਹੈ।
ਨੌਜਵਾਨਾਂ ਨੂੰ ਵੱਡੀ ਸੱਟ ਮਾਰੀ ਹੈ, ਜਿਸ ਵਿੱਚ ਨਸ਼ੀਲੇ ਪਦਾਰਥਾਂ ਦੇ ਪੈਸੇ ਰਾਹੀਂ ਪ੍ਰਾਪਤ ਕੀਤੀਆਂ ਜਾਇਦਾਦਾਂ ਨੂੰ ਢਾਹੁਣਾ ਅਤੇ ਗੈਰ-ਕਾਨੂੰਨੀ ਤੌਰ 'ਤੇ ਕਬਜ਼ੇ ਵਾਲੀਆਂ ਜ਼ਮੀਨਾਂ ਨੂੰ ਮੁੜ ਪ੍ਰਾਪਤ ਕਰਨਾ ਸ਼ਾਮਲ ਹੈ। ਉਨ੍ਹਾਂ ਨੇ ਸ੍ਰੀ ਗੁਰੂ ਤੇਗ ਬਹਾਦਰ ਸਾਹਿਬ ਜੀ ਦੇ 350ਵੇਂ ਸ਼ਹੀਦੀ ਵਰ੍ਹੇਗੰਢ 'ਤੇ 19-25 ਨਵੰਬਰ ਤੱਕ ਸਰਕਾਰ ਵੱਲੋਂ ਕੀਤੇ ਜਾਣ ਵਾਲੇ ਰਾਜ ਪੱਧਰੀ ਪ੍ਰੋਗਰਾਮਾਂ ਬਾਰੇ ਵੀ ਦੱਸਿਆ। ਇਸ ਮੌਕੇ ਡਾ. ਸੰਨੀ ਸਿੰਘ ਆਹਲੂਵਾਲੀਆ (ਚੇਅਰਮੈਨ, ਪੰਜਾਬ ਜਲ ਸਰੋਤ ਅਤੇ ਸੀਵਰੇਜ ਬੋਰਡ), ਪਰਮਿੰਦਰ ਸਿੰਘ ਗੋਲਡੀ (ਚੇਅਰਮੈਨ, ਪੰਜਾਬ ਯੂਥ ਵਿਕਾਸ ਬੋਰਡ), ਪ੍ਰਭਜੋਤ ਕੌਰ (ਚੇਅਰਪਰਸਨ, ਜ਼ਿਲ੍ਹਾ ਯੋਜਨਾ ਕਮੇਟੀ), ਵਿਨੀਤ ਵਰਮਾ (ਮੈਂਬਰ, ਪੰਜਾਬ ਟ੍ਰੇਡਰਜ਼ ਕਮਿਸ਼ਨ), ਅਮਿਤ ਜੈਨ (ਮੈਂਬਰ, ਪੰਜਾਬ ਗਊ ਸੇਵਾ ਕਮਿਸ਼ਨ), ਹਰਸੁਖਿੰਦਰ ਸਿੰਘ ਬੱਬੀ ਬਾਦਲ, ਅਤੇ ਐਸ.ਐਸ.ਪੀ. ਹਰਮਨਦੀਪ ਸਿੰਘ ਹੰਸ ਡੀ.ਜੀ.ਪੀ., ਸੁਰੱਖਿਆ, ਪੰਜਾਬ ਸ਼ਾਮਲ ਸਨ।
